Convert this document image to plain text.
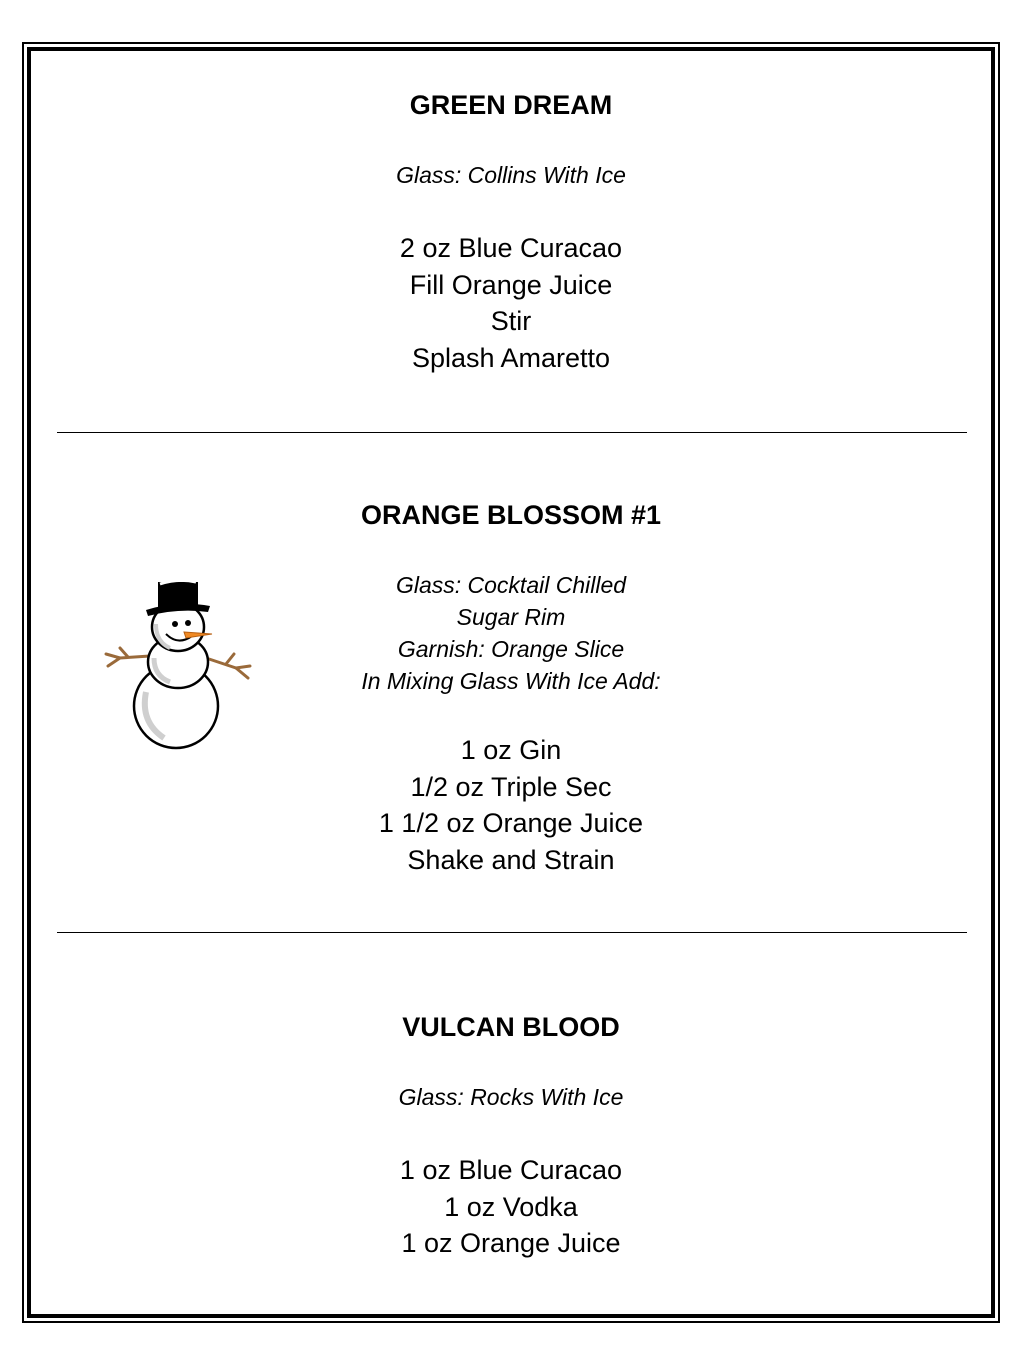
GREEN DREAM
Glass: Collins With Ice
2 oz Blue Curacao
Fill Orange Juice
Stir
Splash Amaretto
ORANGE BLOSSOM #1
Glass: Cocktail Chilled
Sugar Rim
Garnish: Orange Slice
In Mixing Glass With Ice Add:
1 oz Gin
1/2 oz Triple Sec
1 1/2 oz Orange Juice
Shake and Strain
VULCAN BLOOD
Glass: Rocks With Ice
1 oz Blue Curacao
1 oz Vodka
1 oz Orange Juice
